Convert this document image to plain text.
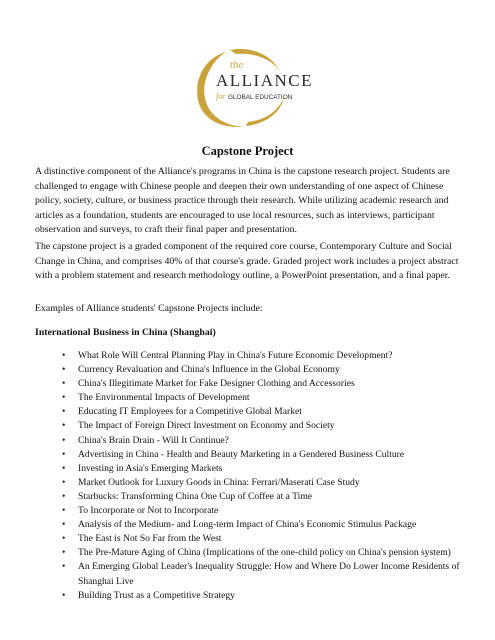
the
ALLIANCE
for GLOBAL EDUCATION
Capstone Project

A distinctive component of the Alliance's programs in China is the capstone research project. Students are challenged to engage with Chinese people and deepen their own understanding of one aspect of Chinese policy, society, culture, or business practice through their research. While utilizing academic research and articles as a foundation, students are encouraged to use local resources, such as interviews, participant observation and surveys, to craft their final paper and presentation.

The capstone project is a graded component of the required core course, Contemporary Culture and Social Change in China, and comprises 40% of that course's grade. Graded project work includes a project abstract with a problem statement and research methodology outline, a PowerPoint presentation, and a final paper.

Examples of Alliance students' Capstone Projects include:

International Business in China (Shanghai)
• What Role Will Central Planning Play in China's Future Economic Development?
• Currency Revaluation and China's Influence in the Global Economy
• China's Illegitimate Market for Fake Designer Clothing and Accessories
• The Environmental Impacts of Development
• Educating IT Employees for a Competitive Global Market
• The Impact of Foreign Direct Investment on Economy and Society
• China's Brain Drain - Will It Continue?
• Advertising in China - Health and Beauty Marketing in a Gendered Business Culture
• Investing in Asia's Emerging Markets
• Market Outlook for Luxury Goods in China: Ferrari/Maserati Case Study
• Starbucks: Transforming China One Cup of Coffee at a Time
• To Incorporate or Not to Incorporate
• Analysis of the Medium- and Long-term Impact of China's Economic Stimulus Package
• The East is Not So Far from the West
• The Pre-Mature Aging of China (Implications of the one-child policy on China's pension system)
• An Emerging Global Leader's Inequality Struggle: How and Where Do Lower Income Residents of Shanghai Live
• Building Trust as a Competitive Strategy
